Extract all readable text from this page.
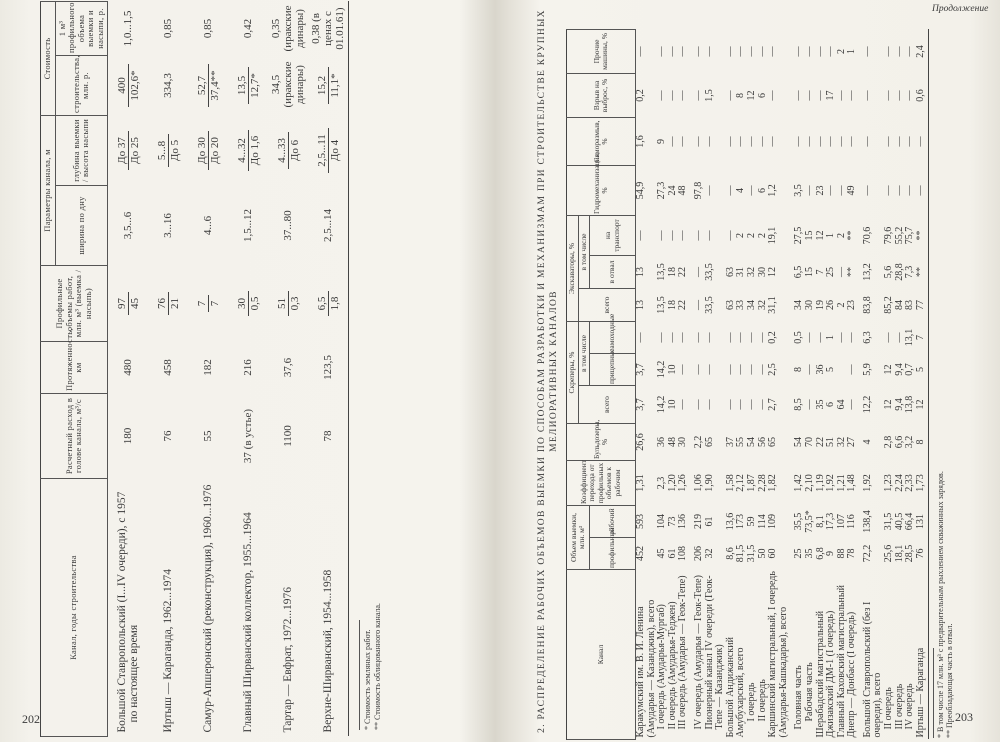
Продолжение
202	203
Канал, годы строительства	Расчетный расход в голове канала, м³/с	Протяженность, км	Профильные объемы работ, млн. м³ (выемка / насыпь)	Параметры канала, м		Стоимость	
				ширина по дну	глубина выемки / высота насыпи	строительства, млн. р.	1 м³ профильного объема выемки и насыпи, р.
Большой Ставропольский (I...IV очереди), с 1957 по настоящее время	180	480	97 45	3,5...6	До 37 До 25	400 102,6*	1,0...1,5
Иртыш — Караганда, 1962...1974	76	458	76 21	3...16	5...8 До 5	334,3	0,85
Самур-Апшеронский (реконструкция), 1960...1976	55	182	7 7	4...6	До 30 До 20	52,7 37,4**	0,85
Главный Ширванский коллектор, 1955...1964	37 (в устье)	216	30 0,5	1,5...12	4...32 До 1,6	13,5 12,7*	0,42
Тартар — Евфрат, 1972...1976	1100	37,6	51 0,3	37...80	4...33 До 6	34,5 (иракские динары)	0,35 (иракские динары)
Верхне-Ширванский, 1954...1958	78	123,5	6,5 1,8	2,5...14	2,5...11 До 4	15,2 11,1*	0,38 (в ценах с 01.01.61)
* Стоимость земляных работ. ** Стоимость облицованного канала.	2. РАСПРЕДЕЛЕНИЕ РАБОЧИХ ОБЪЕМОВ ВЫЕМКИ ПО СПОСОБАМ РАЗРАБОТКИ И МЕХАНИЗМАМ ПРИ СТРОИТЕЛЬСТВЕ КРУПНЫХ МЕЛИОРАТИВНЫХ КАНАЛОВ
Канал	Объем выемки, млн. м³		Коэффициент перехода от профильных объемов к рабочим	Бульдозеры, %	Скреперы, %			Экскаваторы, %			Гидромеханизация, %	Саморазмыв, %	Взрыв на выброс, %	Прочие машины, %
					всего	в том числе		всего	в том числе					
	профильный	рабочий				прицепные	самоходные		в отвал	на транспорт				
Каракумский им. В. И. Ленина (Амударья — Казанджик), всего	452	593	1,31	26,6	3,7	3,7	—	13	13	—	54,9	1,6	0,2	—
I очередь (Амударья-Мургаб)	45	104	2,3	36	14,2	14,2	—	13,5	13,5	—	27,3	9	—	—
II очередь (Амударья-Теджен)	61	73	1,20	48	10	10	—	18	18	—	24	—	—	—
III очередь (Амударья — Геок-Тепе)	108	136	1,26	30	—	—	—	22	22	—	48	—	—	—
IV очередь (Амударья — Геок-Тепе)	206	219	1,06	2,2	—	—	—	—	—	—	97,8	—	—	—
Пионерный канал IV очереди (Геок-Тепе — Казанджик)	32	61	1,90	65	—	—	—	33,5	33,5	—	—	—	1,5	—
Большой Андижанский	8,6	13,6	1,58	37	—	—	—	63	63	—	—	—	—	—
Амубухарский, всего	81,5	173	2,12	55	—	—	—	33	31	2	4	—	8	—
I очередь	31,5	59	1,87	54	—	—	—	34	32	2	—	—	12	—
II очередь	50	114	2,28	56	—	—	—	32	30	2	6	—	6	—
Каршинский магистральный, I очередь (Амударья-Кашкадарья), всего	60	109	1,82	65	2,7	2,5	0,2	31,1	12	19,1	1,2	—	—	—
Головная часть	25	35,5	1,42	54	8,5	8	0,5	34	6,5	27,5	3,5	—	—	—
Рабочая часть	35	73,5*	2,10	70	—	—	—	30	15	15	—	—	—	—
Шерабадский магистральный	6,8	8,1	1,19	22	35	36	—	19	7	12	23	—	—	—
Джизакский ДМ-1 (I очередь)	9	17,3	1,92	51	6	5	1	26	25	1	—	—	17	—
Главный Каховский магистральный	88	107	1,21	32	64		—	2	—	2	—	—	—	2
Днепр — Донбасс (I очередь)	78	116	1,48	27	—	—	—	23	**	**	49	—	—	1
Большой Ставропольский (без I очереди), всего	72,2	138,4	1,92	4	12,2	5,9	6,3	83,8	13,2	70,6	—	—	—	—
II очередь	25,6	31,5	1,23	2,8	12	12	—	85,2	5,6	79,6	—	—	—	—
III очередь	18,1	40,5	2,24	6,6	9,4	9,4	—	84	28,8	55,2	—	—	—	—
IV очередь	28,5	66,4	2,33	3,2	13,8	0,7	13,1	83	7,3	75,7	—	—	—	—
Иртыш — Караганда	76	131	1,73	8	12	5	7	77	**	**	—	—	0,6	2,4
* В том числе 17 млн. м³ с предварительным рыхлением скважинных зарядов. ** Преобладающая часть в отвал.
